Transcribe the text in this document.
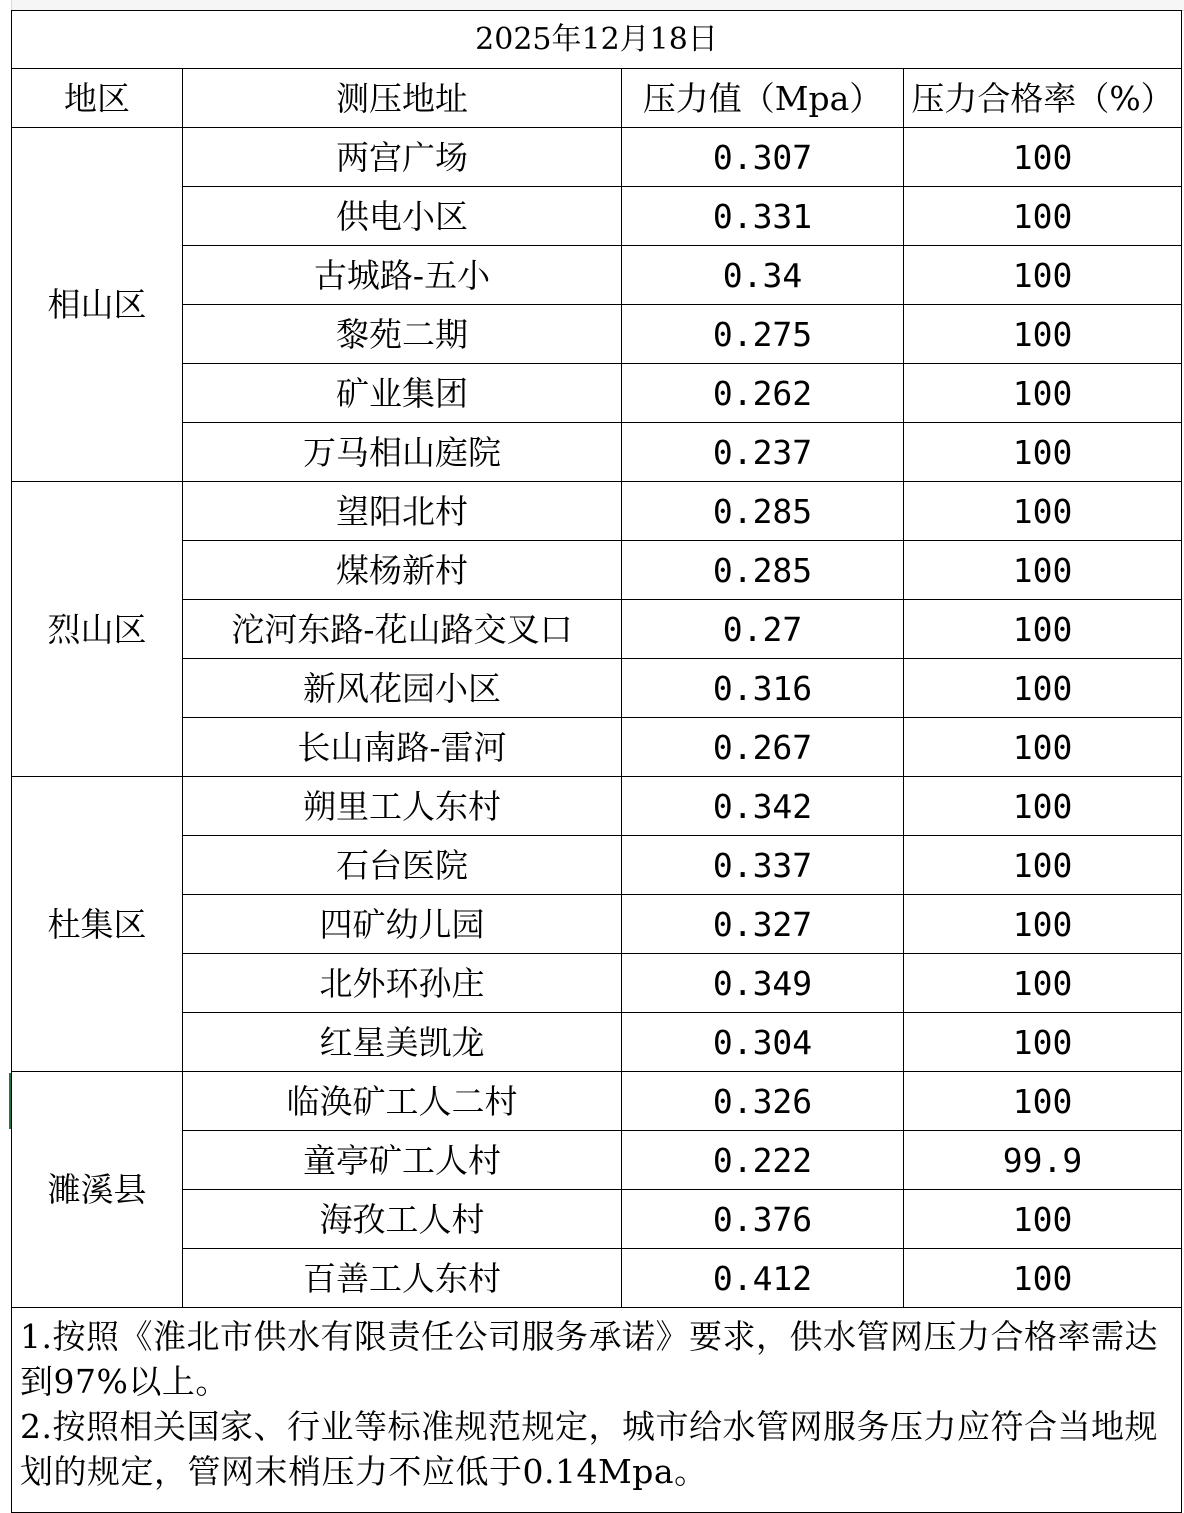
2025年12月18日			
地区	测压地址	压力值（Mpa）	压力合格率（%）
相山区	两宫广场	0.307	100
	供电小区	0.331	100
	古城路-五小	0.34	100
	黎苑二期	0.275	100
	矿业集团	0.262	100
	万马相山庭院	0.237	100
烈山区	望阳北村	0.285	100
	煤杨新村	0.285	100
	沱河东路-花山路交叉口	0.27	100
	新风花园小区	0.316	100
	长山南路-雷河	0.267	100
杜集区	朔里工人东村	0.342	100
	石台医院	0.337	100
	四矿幼儿园	0.327	100
	北外环孙庄	0.349	100
	红星美凯龙	0.304	100
濉溪县	临涣矿工人二村	0.326	100
	童亭矿工人村	0.222	99.9
	海孜工人村	0.376	100
	百善工人东村	0.412	100

1.按照《淮北市供水有限责任公司服务承诺》要求，供水管网压力合格率需达到97%以上。
2.按照相关国家、行业等标准规范规定，城市给水管网服务压力应符合当地规划的规定，管网末梢压力不应低于0.14Mpa。			
